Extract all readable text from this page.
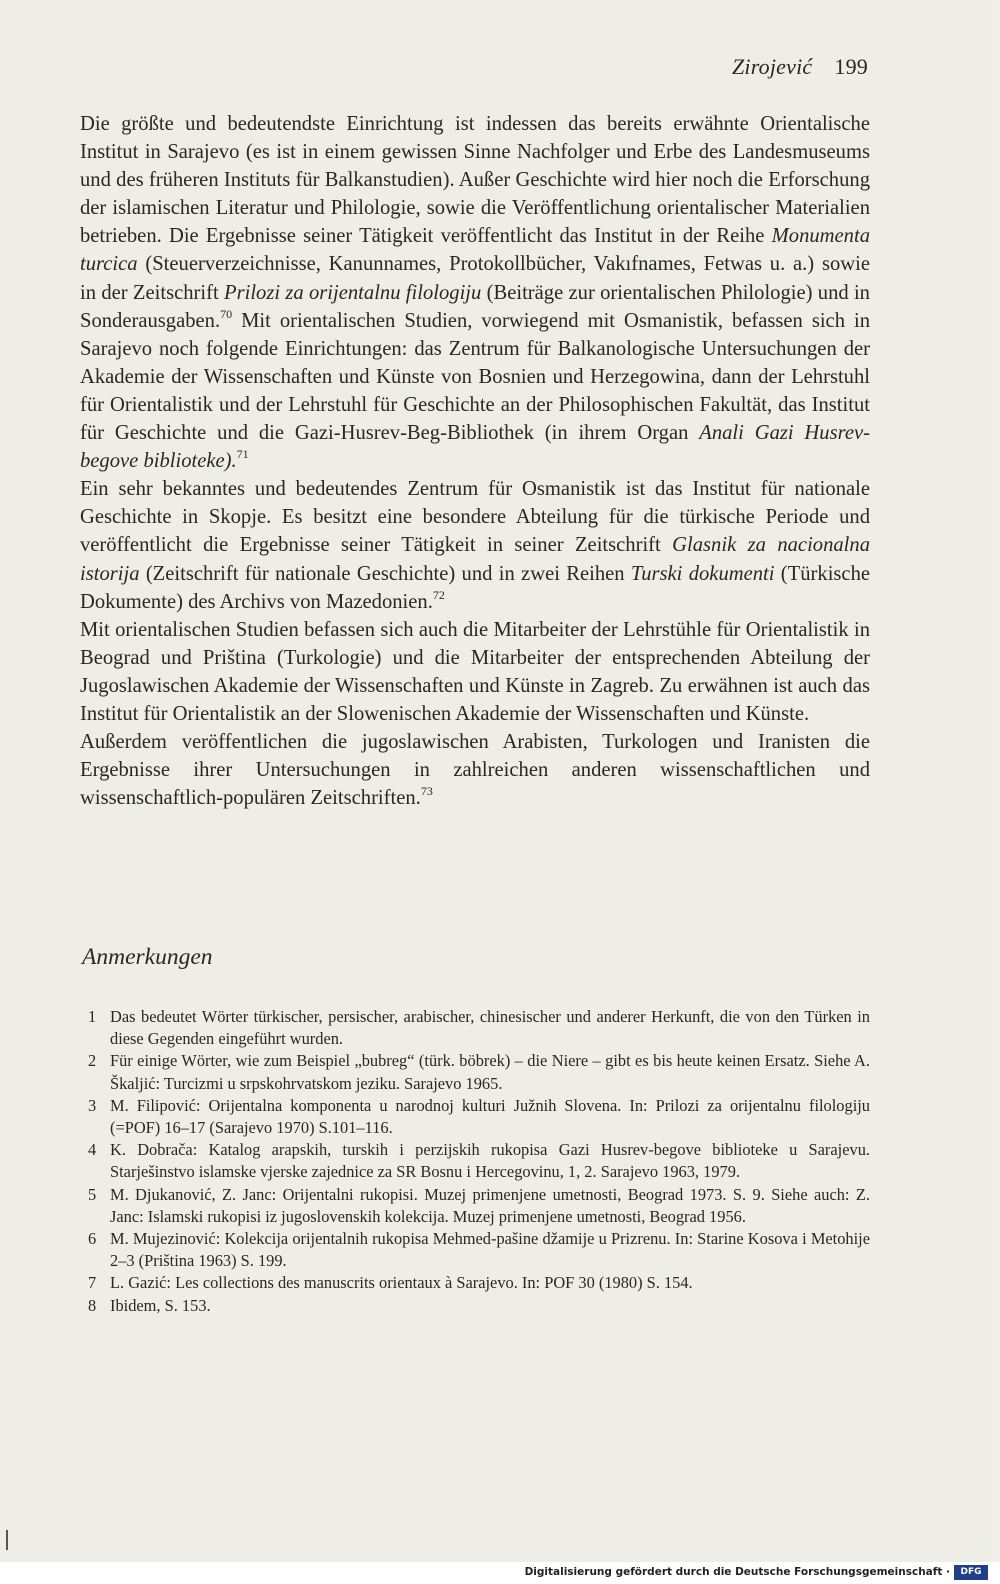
Zirojević 199

Die größte und bedeutendste Einrichtung ist indessen das bereits erwähnte Orientalische Institut in Sarajevo (es ist in einem gewissen Sinne Nachfolger und Erbe des Landesmuseums und des früheren Instituts für Balkanstudien). Außer Geschichte wird hier noch die Erforschung der islamischen Literatur und Philologie, sowie die Veröffentlichung orientalischer Materialien betrieben. Die Ergebnisse seiner Tätigkeit veröffentlicht das Institut in der Reihe Monumenta turcica (Steuerverzeichnisse, Kanunnames, Protokollbücher, Vakıfnames, Fetwas u. a.) sowie in der Zeitschrift Prilozi za orijentalnu filologiju (Beiträge zur orientalischen Philologie) und in Sonderausgaben.$^{70}$ Mit orientalischen Studien, vorwiegend mit Osmanistik, befassen sich in Sarajevo noch folgende Einrichtungen: das Zentrum für Balkanologische Untersuchungen der Akademie der Wissenschaften und Künste von Bosnien und Herzegowina, dann der Lehrstuhl für Orientalistik und der Lehrstuhl für Geschichte an der Philosophischen Fakultät, das Institut für Geschichte und die Gazi-Husrev-Beg-Bibliothek (in ihrem Organ Anali Gazi Husrev-begove biblioteke).$^{71}$

Ein sehr bekanntes und bedeutendes Zentrum für Osmanistik ist das Institut für nationale Geschichte in Skopje. Es besitzt eine besondere Abteilung für die türkische Periode und veröffentlicht die Ergebnisse seiner Tätigkeit in seiner Zeitschrift Glasnik za nacionalna istorija (Zeitschrift für nationale Geschichte) und in zwei Reihen Turski dokumenti (Türkische Dokumente) des Archivs von Mazedonien.$^{72}$

Mit orientalischen Studien befassen sich auch die Mitarbeiter der Lehrstühle für Orientalistik in Beograd und Priština (Turkologie) und die Mitarbeiter der entsprechenden Abteilung der Jugoslawischen Akademie der Wissenschaften und Künste in Zagreb. Zu erwähnen ist auch das Institut für Orientalistik an der Slowenischen Akademie der Wissenschaften und Künste.

Außerdem veröffentlichen die jugoslawischen Arabisten, Turkologen und Iranisten die Ergebnisse ihrer Untersuchungen in zahlreichen anderen wissenschaftlichen und wissenschaftlich-populären Zeitschriften.$^{73}$

Anmerkungen
1 Das bedeutet Wörter türkischer, persischer, arabischer, chinesischer und anderer Herkunft, die von den Türken in diese Gegenden eingeführt wurden.
2 Für einige Wörter, wie zum Beispiel „bubreg“ (türk. böbrek) – die Niere – gibt es bis heute keinen Ersatz. Siehe A. Škaljić: Turcizmi u srpskohrvatskom jeziku. Sarajevo 1965.
3 M. Filipović: Orijentalna komponenta u narodnoj kulturi Južnih Slovena. In: Prilozi za orijentalnu filologiju (=POF) 16–17 (Sarajevo 1970) S.101–116.
4 K. Dobrača: Katalog arapskih, turskih i perzijskih rukopisa Gazi Husrev-begove biblioteke u Sarajevu. Starješinstvo islamske vjerske zajednice za SR Bosnu i Hercegovinu, 1, 2. Sarajevo 1963, 1979.
5 M. Djukanović, Z. Janc: Orijentalni rukopisi. Muzej primenjene umetnosti, Beograd 1973. S. 9. Siehe auch: Z. Janc: Islamski rukopisi iz jugoslovenskih kolekcija. Muzej primenjene umetnosti, Beograd 1956.
6 M. Mujezinović: Kolekcija orijentalnih rukopisa Mehmed-pašine džamije u Prizrenu. In: Starine Kosova i Metohije 2–3 (Priština 1963) S. 199.
7 L. Gazić: Les collections des manuscrits orientaux à Sarajevo. In: POF 30 (1980) S. 154.
8 Ibidem, S. 153.
Digitalisierung gefördert durch die Deutsche Forschungsgemeinschaft ·	DFG
